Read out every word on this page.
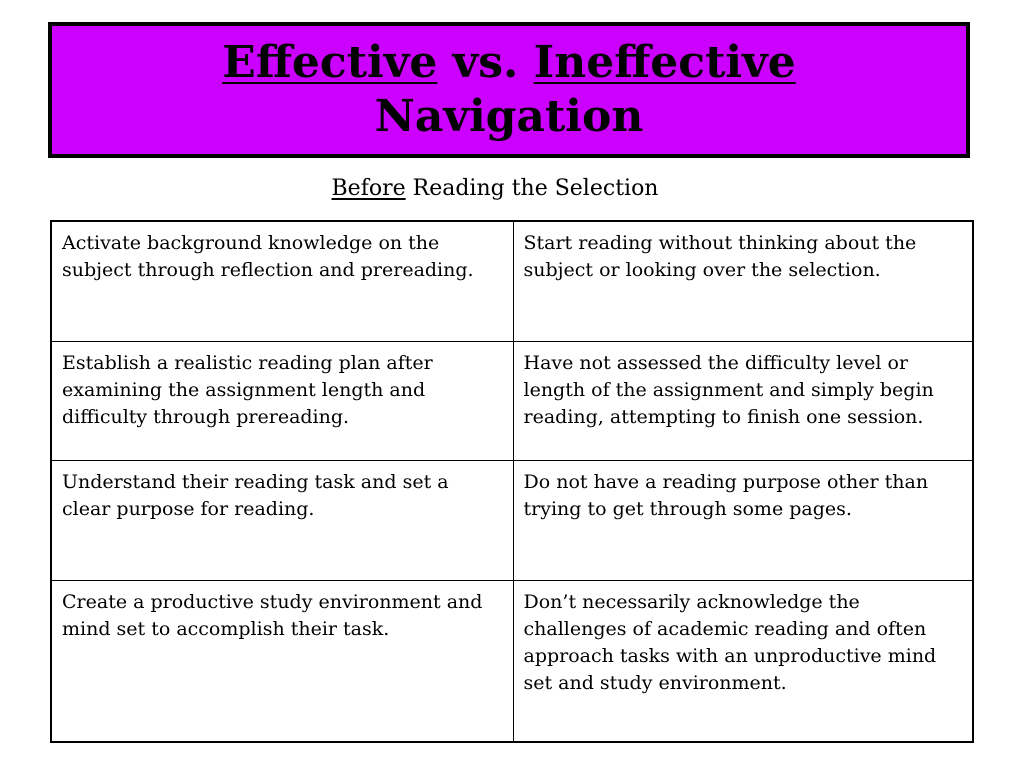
Effective vs. Ineffective
Navigation
Before Reading the Selection
Activate background knowledge on the subject through reflection and prereading.	Start reading without thinking about the subject or looking over the selection.
Establish a realistic reading plan after examining the assignment length and difficulty through prereading.	Have not assessed the difficulty level or length of the assignment and simply begin reading, attempting to finish one session.
Understand their reading task and set a clear purpose for reading.	Do not have a reading purpose other than trying to get through some pages.
Create a productive study environment and mind set to accomplish their task.	Don’t necessarily acknowledge the challenges of academic reading and often approach tasks with an unproductive mind set and study environment.
